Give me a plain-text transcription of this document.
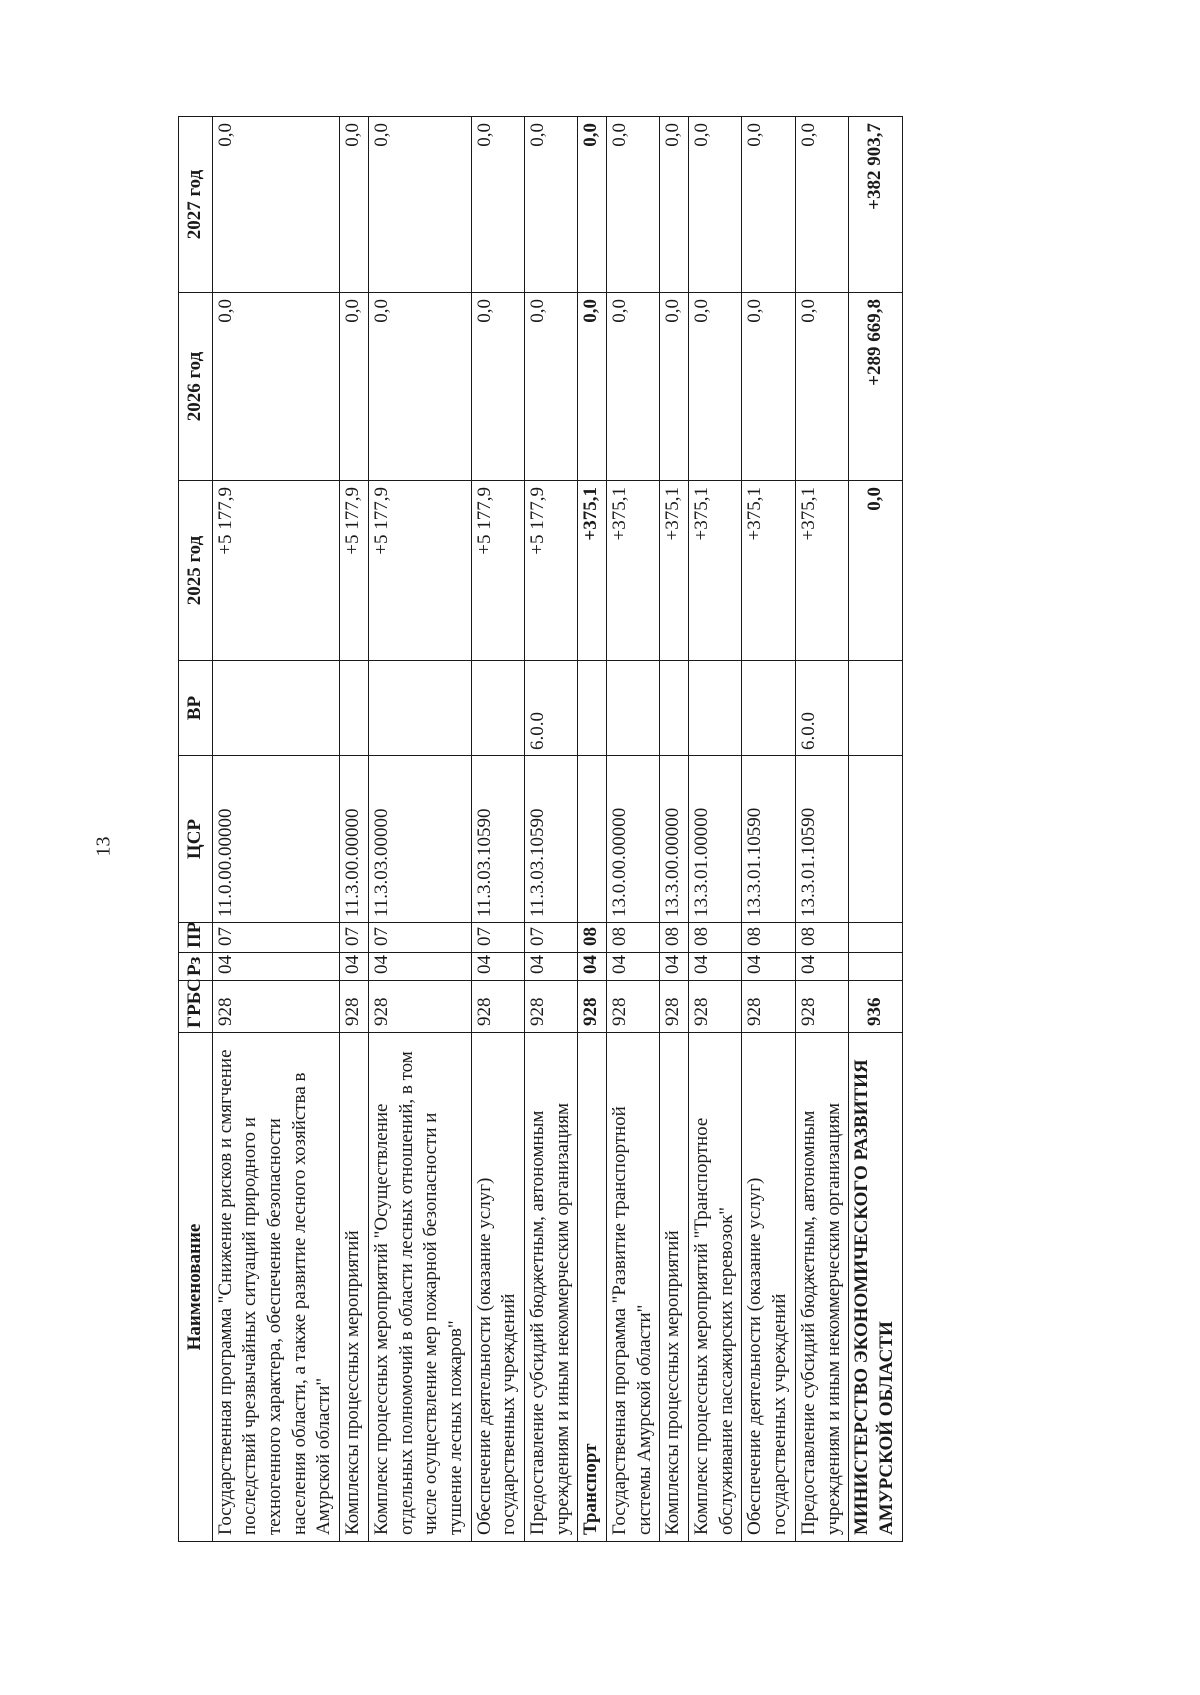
13
Наименование	ГРБС	Рз	ПР	ЦСР	ВР	2025 год	2026 год	2027 год
Государственная программа "Снижение рисков и смягчение последствий чрезвычайных ситуаций природного и техногенного характера, обеспечение безопасности населения области, а также развитие лесного хозяйства в Амурской области"	928	04	07	11.0.00.00000		+5 177,9	0,0	0,0
Комплексы процессных мероприятий	928	04	07	11.3.00.00000		+5 177,9	0,0	0,0
Комплекс процессных мероприятий "Осуществление отдельных полномочий в области лесных отношений, в том числе осуществление мер пожарной безопасности и тушение лесных пожаров"	928	04	07	11.3.03.00000		+5 177,9	0,0	0,0
Обеспечение деятельности (оказание услуг) государственных учреждений	928	04	07	11.3.03.10590		+5 177,9	0,0	0,0
Предоставление субсидий бюджетным, автономным учреждениям и иным некоммерческим организациям	928	04	07	11.3.03.10590	6.0.0	+5 177,9	0,0	0,0
Транспорт	928	04	08			+375,1	0,0	0,0
Государственная программа "Развитие транспортной системы Амурской области"	928	04	08	13.0.00.00000		+375,1	0,0	0,0
Комплексы процессных мероприятий	928	04	08	13.3.00.00000		+375,1	0,0	0,0
Комплекс процессных мероприятий "Транспортное обслуживание пассажирских перевозок"	928	04	08	13.3.01.00000		+375,1	0,0	0,0
Обеспечение деятельности (оказание услуг) государственных учреждений	928	04	08	13.3.01.10590		+375,1	0,0	0,0
Предоставление субсидий бюджетным, автономным учреждениям и иным некоммерческим организациям	928	04	08	13.3.01.10590	6.0.0	+375,1	0,0	0,0
МИНИСТЕРСТВО ЭКОНОМИЧЕСКОГО РАЗВИТИЯ АМУРСКОЙ ОБЛАСТИ	936					0,0	+289 669,8	+382 903,7
